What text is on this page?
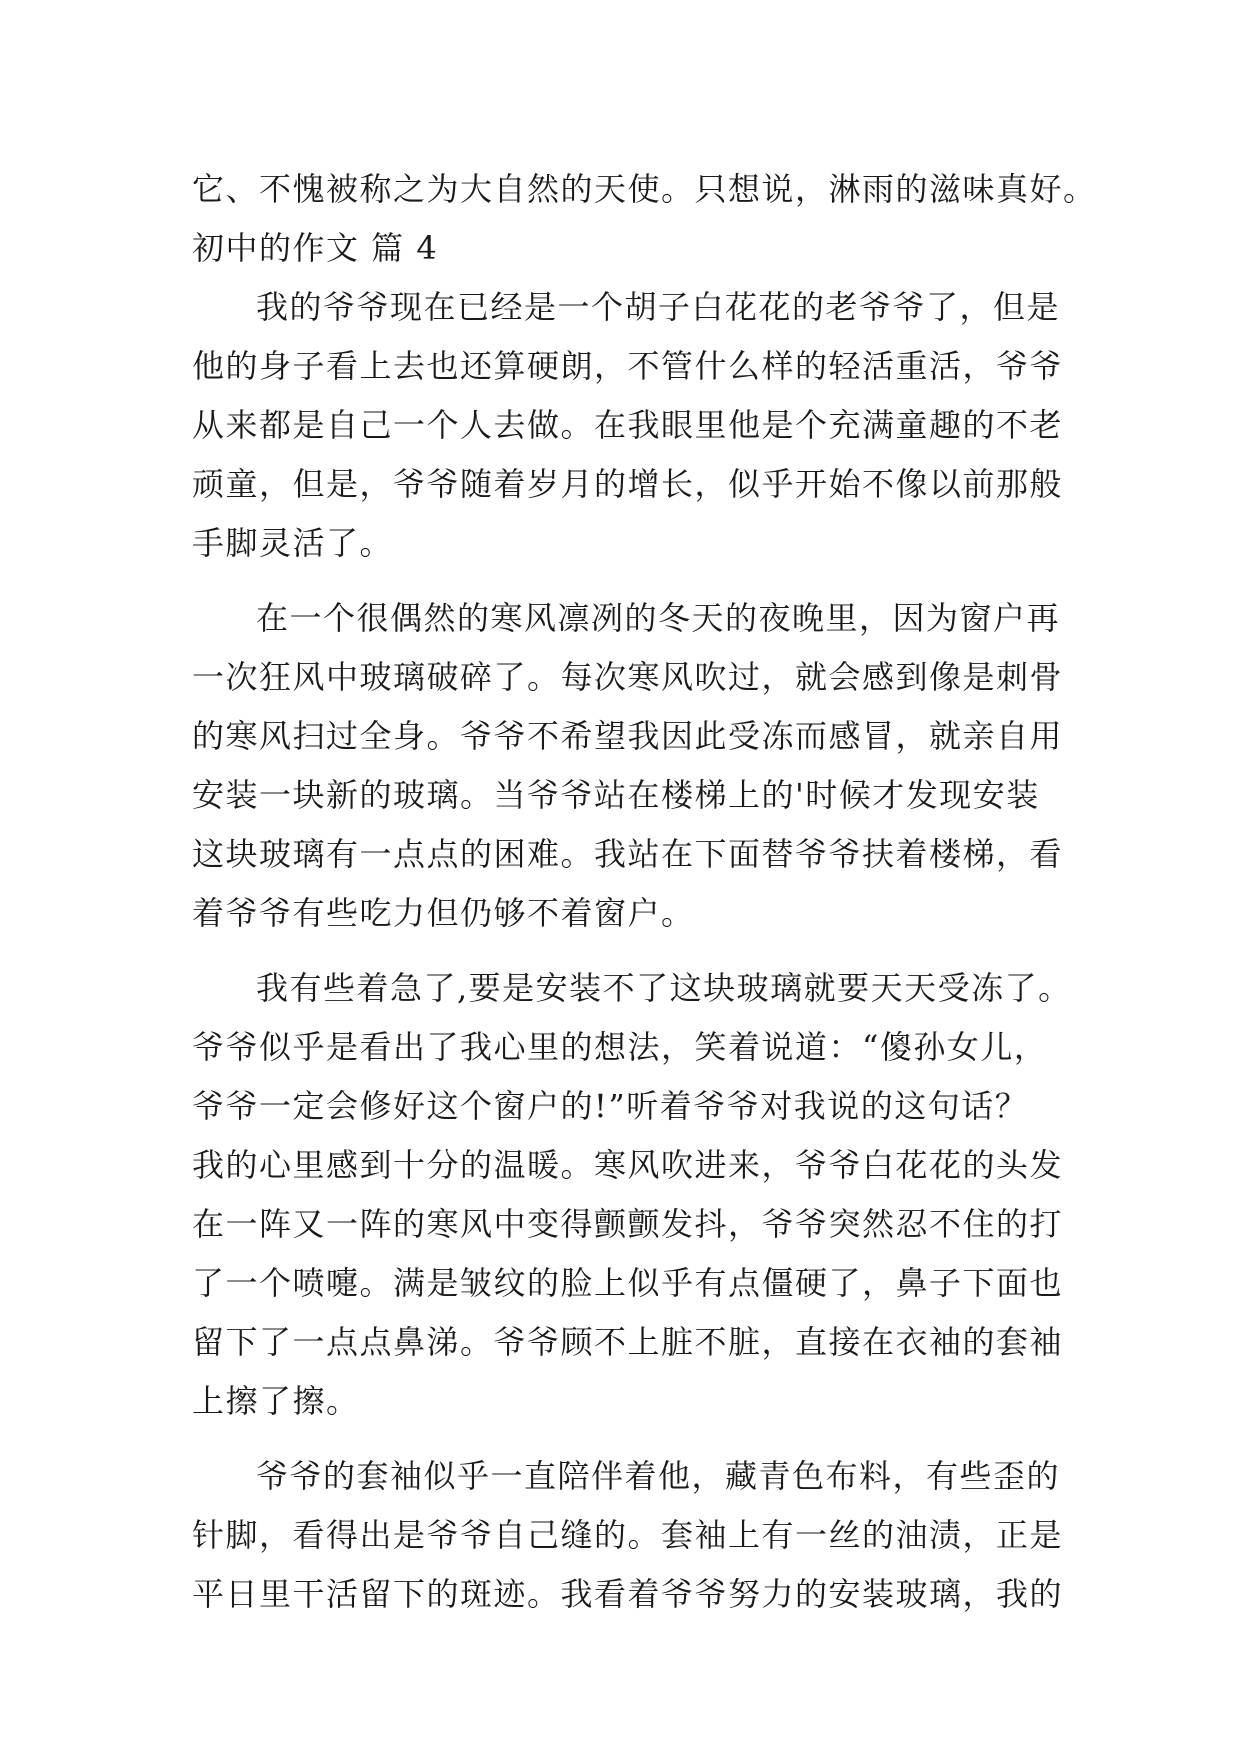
它、不愧被称之为大自然的天使。只想说，淋雨的滋味真好。
初中的作文 篇 4
我的爷爷现在已经是一个胡子白花花的老爷爷了，但是
他的身子看上去也还算硬朗，不管什么样的轻活重活，爷爷
从来都是自己一个人去做。在我眼里他是个充满童趣的不老
顽童，但是，爷爷随着岁月的增长，似乎开始不像以前那般
手脚灵活了。
在一个很偶然的寒风凛冽的冬天的夜晚里，因为窗户再
一次狂风中玻璃破碎了。每次寒风吹过，就会感到像是刺骨
的寒风扫过全身。爷爷不希望我因此受冻而感冒，就亲自用
安装一块新的玻璃。当爷爷站在楼梯上的'时候才发现安装
这块玻璃有一点点的困难。我站在下面替爷爷扶着楼梯，看
着爷爷有些吃力但仍够不着窗户。
我有些着急了,要是安装不了这块玻璃就要天天受冻了。
爷爷似乎是看出了我心里的想法，笑着说道：“傻孙女儿，
爷爷一定会修好这个窗户的!”听着爷爷对我说的这句话？
我的心里感到十分的温暖。寒风吹进来，爷爷白花花的头发
在一阵又一阵的寒风中变得颤颤发抖，爷爷突然忍不住的打
了一个喷嚏。满是皱纹的脸上似乎有点僵硬了，鼻子下面也
留下了一点点鼻涕。爷爷顾不上脏不脏，直接在衣袖的套袖
上擦了擦。
爷爷的套袖似乎一直陪伴着他，藏青色布料，有些歪的
针脚，看得出是爷爷自己缝的。套袖上有一丝的油渍，正是
平日里干活留下的斑迹。我看着爷爷努力的安装玻璃，我的
